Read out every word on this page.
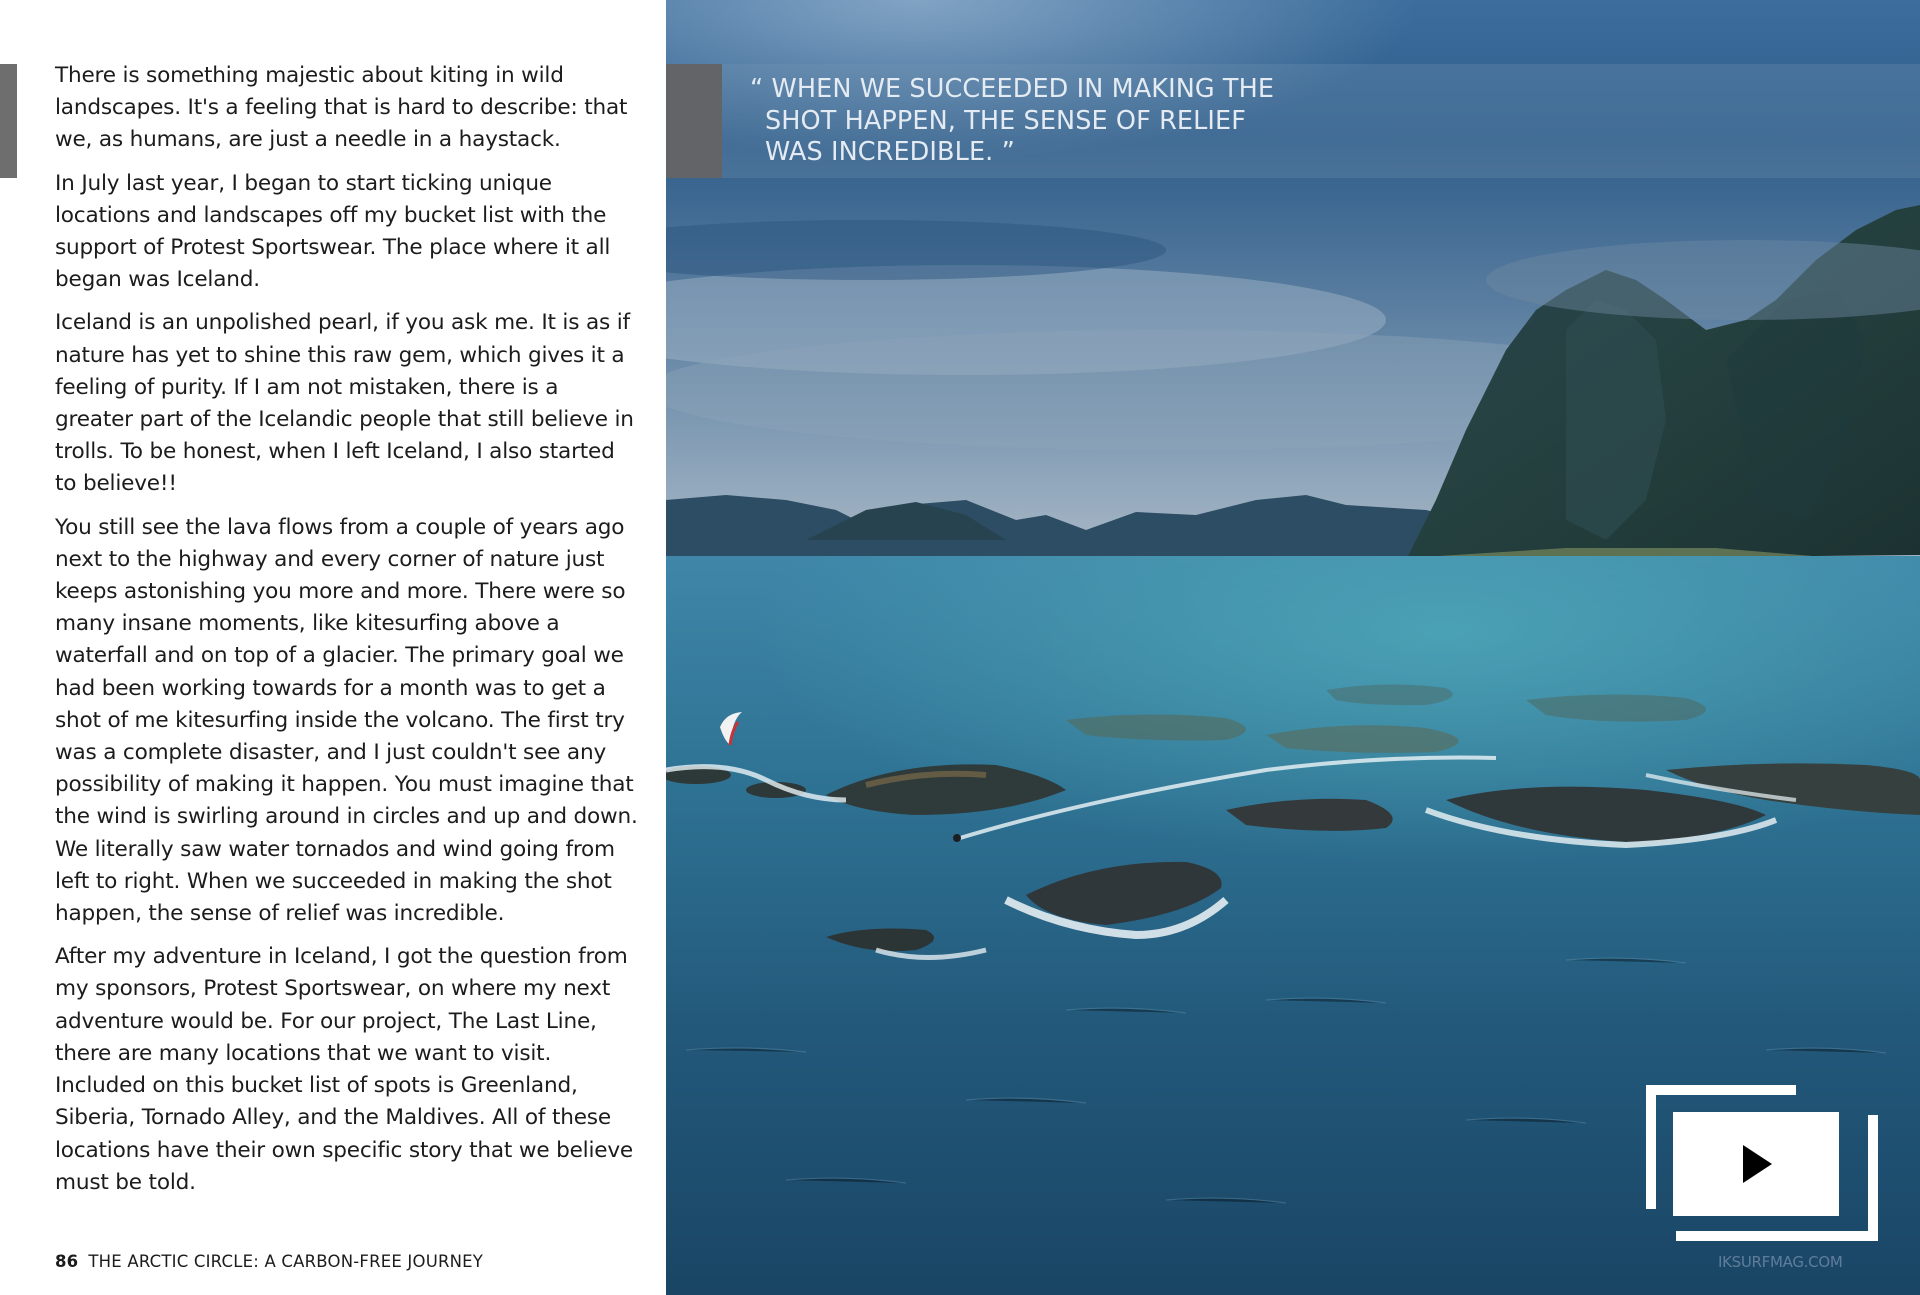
There is something majestic about kiting in wild landscapes. It's a feeling that is hard to describe: that we, as humans, are just a needle in a haystack.

In July last year, I began to start ticking unique locations and landscapes off my bucket list with the support of Protest Sportswear. The place where it all began was Iceland.

Iceland is an unpolished pearl, if you ask me. It is as if nature has yet to shine this raw gem, which gives it a feeling of purity. If I am not mistaken, there is a greater part of the Icelandic people that still believe in trolls. To be honest, when I left Iceland, I also started to believe!!

You still see the lava flows from a couple of years ago next to the highway and every corner of nature just keeps astonishing you more and more. There were so many insane moments, like kitesurfing above a waterfall and on top of a glacier. The primary goal we had been working towards for a month was to get a shot of me kitesurfing inside the volcano. The first try was a complete disaster, and I just couldn't see any possibility of making it happen. You must imagine that the wind is swirling around in circles and up and down. We literally saw water tornados and wind going from left to right. When we succeeded in making the shot happen, the sense of relief was incredible.

After my adventure in Iceland, I got the question from my sponsors, Protest Sportswear, on where my next adventure would be. For our project, The Last Line, there are many locations that we want to visit. Included on this bucket list of spots is Greenland, Siberia, Tornado Alley, and the Maldives. All of these locations have their own specific story that we believe must be told.

86 THE ARCTIC CIRCLE: A CARBON-FREE JOURNEY
“ WHEN WE SUCCEEDED IN MAKING THE
SHOT HAPPEN, THE SENSE OF RELIEF
WAS INCREDIBLE. ”
IKSURFMAG.COM
